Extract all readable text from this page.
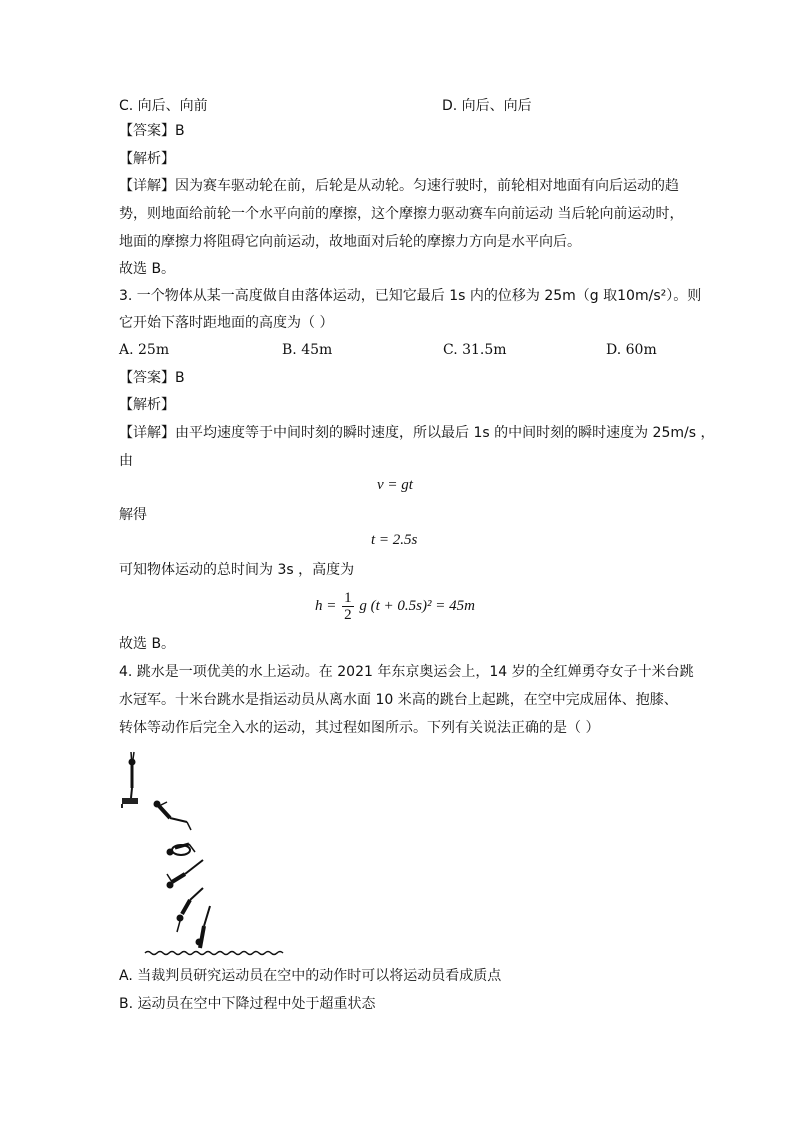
C. 向后、向前	D. 向后、向后
【答案】B
【解析】
【详解】因为赛车驱动轮在前，后轮是从动轮。匀速行驶时，前轮相对地面有向后运动的趋
势，则地面给前轮一个水平向前的摩擦，这个摩擦力驱动赛车向前运动 当后轮向前运动时，
地面的摩擦力将阻碍它向前运动，故地面对后轮的摩擦力方向是水平向后。
故选 B。
3. 一个物体从某一高度做自由落体运动，已知它最后 1s 内的位移为 25m（g 取10m/s²）。则
它开始下落时距地面的高度为（ ）
A. 25m	B. 45m	C. 31.5m	D. 60m
【答案】B
【解析】
【详解】由平均速度等于中间时刻的瞬时速度，所以最后 1s 的中间时刻的瞬时速度为 25m/s ，
由
v = gt
解得
t = 2.5s
可知物体运动的总时间为 3s ，高度为
$h = \frac{1}{2}$ g (t + 0.5s)² = 45m
故选 B。
4. 跳水是一项优美的水上运动。在 2021 年东京奥运会上，14 岁的全红婵勇夺女子十米台跳
水冠军。十米台跳水是指运动员从离水面 10 米高的跳台上起跳，在空中完成屈体、抱膝、
转体等动作后完全入水的运动，其过程如图所示。下列有关说法正确的是（ ）
A. 当裁判员研究运动员在空中的动作时可以将运动员看成质点
B. 运动员在空中下降过程中处于超重状态
